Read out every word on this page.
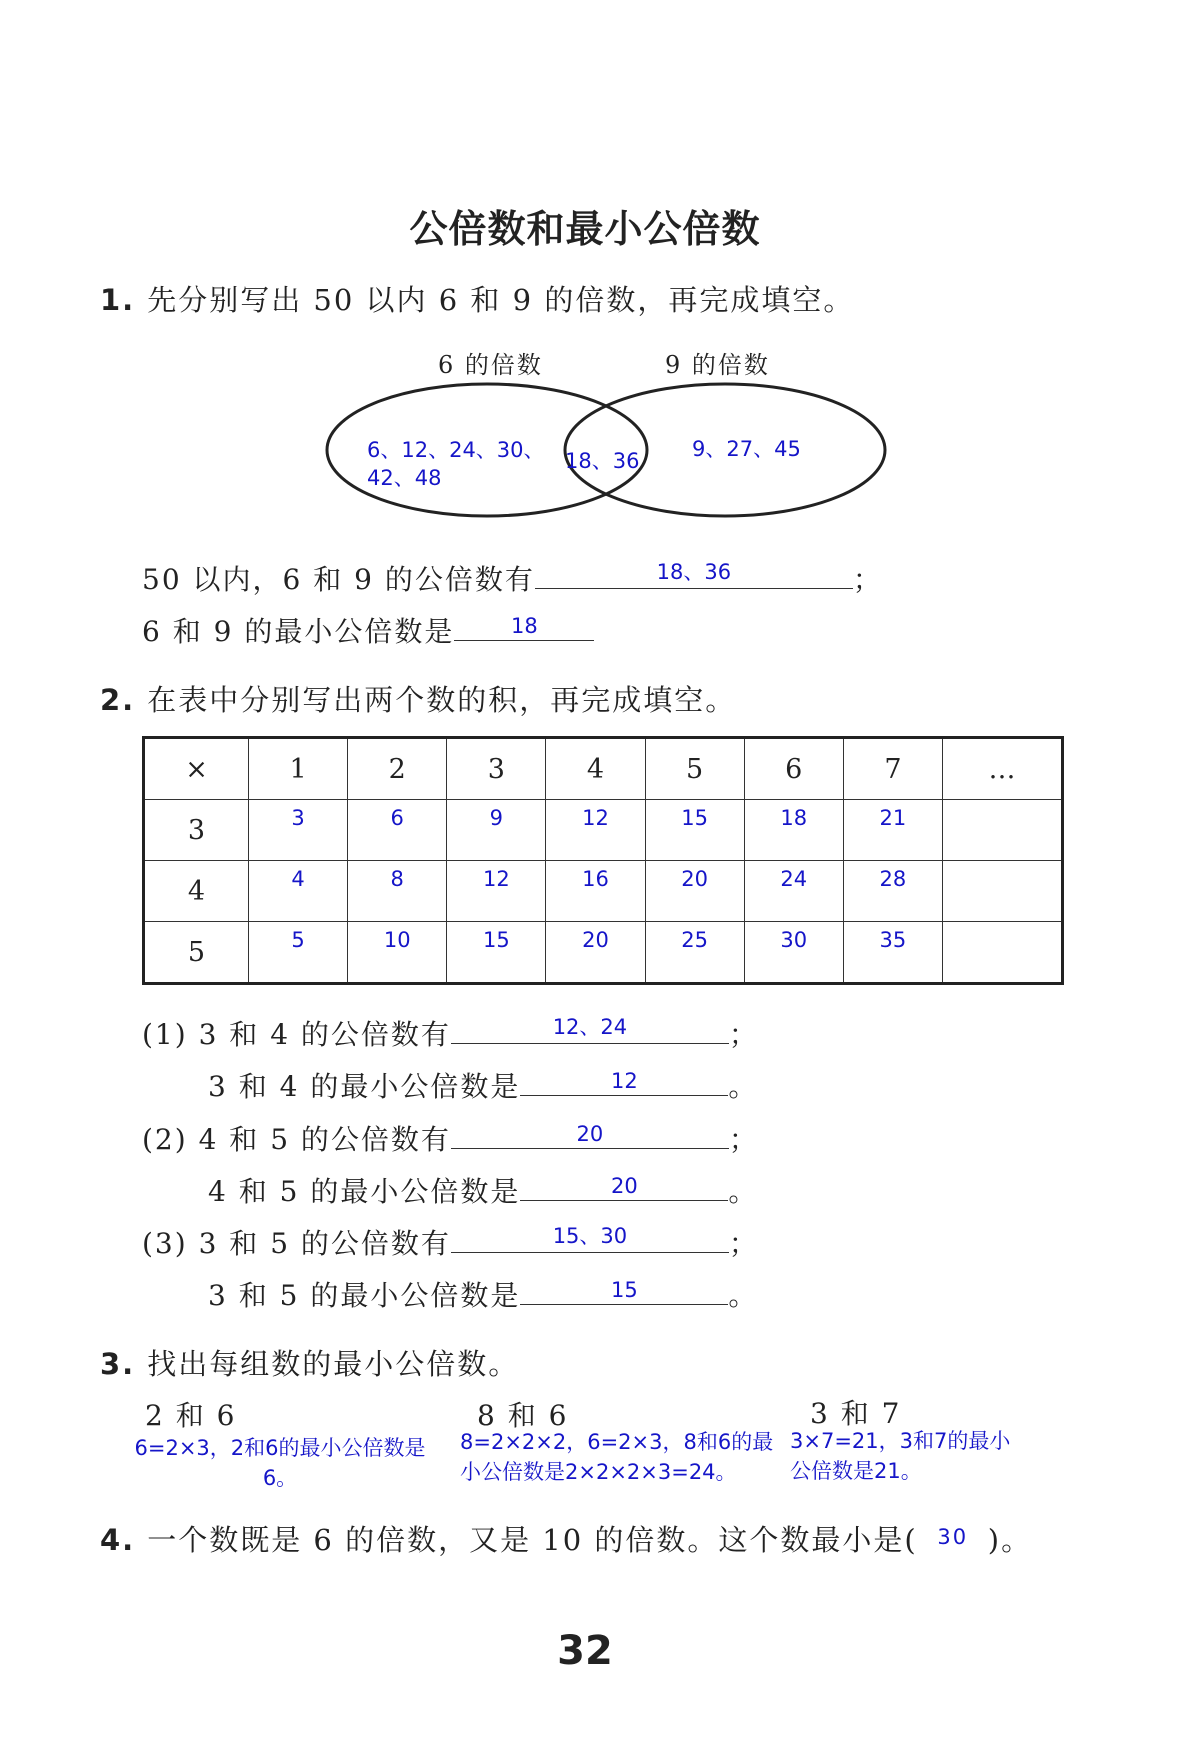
公倍数和最小公倍数
1. 先分别写出 50 以内 6 和 9 的倍数，再完成填空。
6 的倍数	9 的倍数
6、12、24、30、
42、48
18、36	9、27、45
50 以内，6 和 9 的公倍数有	18、36	；
6 和 9 的最小公倍数是	18
2. 在表中分别写出两个数的积，再完成填空。
×	1	2	3	4	5	6	7	…
3	3	6	9	12	15	18	21	

4	4	8	12	16	20	24	28	

5	5	10	15	20	25	30	35	

(1) 3 和 4 的公倍数有	12、24	；
3 和 4 的最小公倍数是	12	。
(2) 4 和 5 的公倍数有	20	；
4 和 5 的最小公倍数是	20	。
(3) 3 和 5 的公倍数有	15、30	；
3 和 5 的最小公倍数是	15	。
3. 找出每组数的最小公倍数。
2 和 6	8 和 6	3 和 7
6=2×3，2和6的最小公倍数是
6。
8=2×2×2，6=2×3，8和6的最
小公倍数是2×2×2×3=24。
3×7=21，3和7的最小
公倍数是21。
4. 一个数既是 6 的倍数，又是 10 的倍数。这个数最小是( $^{30}$ )。
32
